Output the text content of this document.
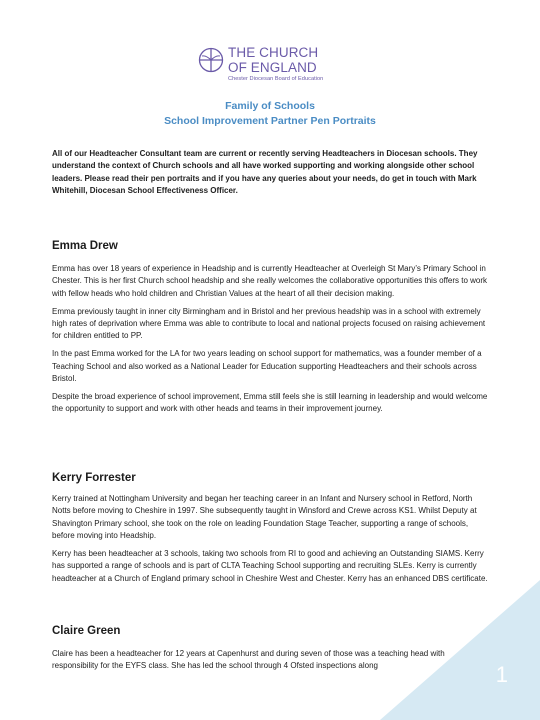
THE CHURCH
OF ENGLAND
Chester Diocesan Board of Education
Family of Schools
School Improvement Partner Pen Portraits
All of our Headteacher Consultant team are current or recently serving Headteachers in Diocesan schools. They understand the context of Church schools and all have worked supporting and working alongside other school leaders. Please read their pen portraits and if you have any queries about your needs, do get in touch with Mark Whitehill, Diocesan School Effectiveness Officer.
Emma Drew

Emma has over 18 years of experience in Headship and is currently Headteacher at Overleigh St Mary’s Primary School in Chester. This is her first Church school headship and she really welcomes the collaborative opportunities this offers to work with fellow heads who hold children and Christian Values at the heart of all their decision making.

Emma previously taught in inner city Birmingham and in Bristol and her previous headship was in a school with extremely high rates of deprivation where Emma was able to contribute to local and national projects focused on raising achievement for children entitled to PP.

In the past Emma worked for the LA for two years leading on school support for mathematics, was a founder member of a Teaching School and also worked as a National Leader for Education supporting Headteachers and their schools across Bristol.

Despite the broad experience of school improvement, Emma still feels she is still learning in leadership and would welcome the opportunity to support and work with other heads and teams in their improvement journey.

Kerry Forrester

Kerry trained at Nottingham University and began her teaching career in an Infant and Nursery school in Retford, North Notts before moving to Cheshire in 1997. She subsequently taught in Winsford and Crewe across KS1. Whilst Deputy at Shavington Primary school, she took on the role on leading Foundation Stage Teacher, supporting a range of schools, before moving into Headship.

Kerry has been headteacher at 3 schools, taking two schools from RI to good and achieving an Outstanding SIAMS. Kerry has supported a range of schools and is part of CLTA Teaching School supporting and recruiting SLEs. Kerry is currently headteacher at a Church of England primary school in Cheshire West and Chester. Kerry has an enhanced DBS certificate.

Claire Green

Claire has been a headteacher for 12 years at Capenhurst and during seven of those was a teaching head with responsibility for the EYFS class. She has led the school through 4 Ofsted inspections along	1
